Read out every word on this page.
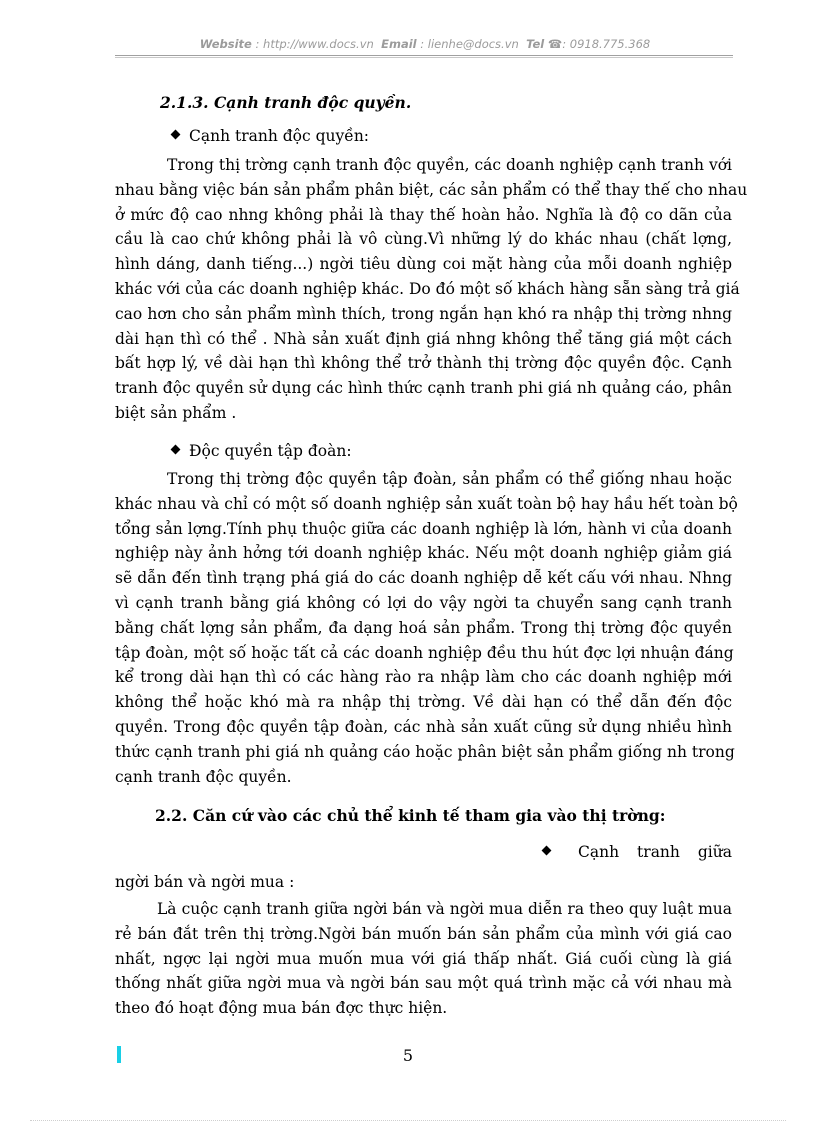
Website : http://www.docs.vn Email : lienhe@docs.vn Tel ☎: 0918.775.368
2.1.3. Cạnh tranh độc quyền.
Cạnh tranh độc quyền:
Trong thị trờng cạnh tranh độc quyền, các doanh nghiệp cạnh tranh với
nhau bằng việc bán sản phẩm phân biệt, các sản phẩm có thể thay thế cho nhau
ở mức độ cao nhng không phải là thay thế hoàn hảo. Nghĩa là độ co dãn của
cầu là cao chứ không phải là vô cùng.Vì những lý do khác nhau (chất lợng,
hình dáng, danh tiếng...) ngời tiêu dùng coi mặt hàng của mỗi doanh nghiệp
khác với của các doanh nghiệp khác. Do đó một số khách hàng sẵn sàng trả giá
cao hơn cho sản phẩm mình thích, trong ngắn hạn khó ra nhập thị trờng nhng
dài hạn thì có thể . Nhà sản xuất định giá nhng không thể tăng giá một cách
bất hợp lý, về dài hạn thì không thể trở thành thị trờng độc quyền độc. Cạnh
tranh độc quyền sử dụng các hình thức cạnh tranh phi giá nh quảng cáo, phân
biệt sản phẩm .
Độc quyền tập đoàn:
Trong thị trờng độc quyền tập đoàn, sản phẩm có thể giống nhau hoặc
khác nhau và chỉ có một số doanh nghiệp sản xuất toàn bộ hay hầu hết toàn bộ
tổng sản lợng.Tính phụ thuộc giữa các doanh nghiệp là lớn, hành vi của doanh
nghiệp này ảnh hởng tới doanh nghiệp khác. Nếu một doanh nghiệp giảm giá
sẽ dẫn đến tình trạng phá giá do các doanh nghiệp dễ kết cấu với nhau. Nhng
vì cạnh tranh bằng giá không có lợi do vậy ngời ta chuyển sang cạnh tranh
bằng chất lợng sản phẩm, đa dạng hoá sản phẩm. Trong thị trờng độc quyền
tập đoàn, một số hoặc tất cả các doanh nghiệp đều thu hút đợc lợi nhuận đáng
kể trong dài hạn thì có các hàng rào ra nhập làm cho các doanh nghiệp mới
không thể hoặc khó mà ra nhập thị trờng. Về dài hạn có thể dẫn đến độc
quyền. Trong độc quyền tập đoàn, các nhà sản xuất cũng sử dụng nhiều hình
thức cạnh tranh phi giá nh quảng cáo hoặc phân biệt sản phẩm giống nh trong
cạnh tranh độc quyền.
2.2. Căn cứ vào các chủ thể kinh tế tham gia vào thị trờng:
Cạnh tranh giữa
ngời bán và ngời mua :
Là cuộc cạnh tranh giữa ngời bán và ngời mua diễn ra theo quy luật mua
rẻ bán đắt trên thị trờng.Ngời bán muốn bán sản phẩm của mình với giá cao
nhất, ngợc lại ngời mua muốn mua với giá thấp nhất. Giá cuối cùng là giá
thống nhất giữa ngời mua và ngời bán sau một quá trình mặc cả với nhau mà
theo đó hoạt động mua bán đợc thực hiện.
5
